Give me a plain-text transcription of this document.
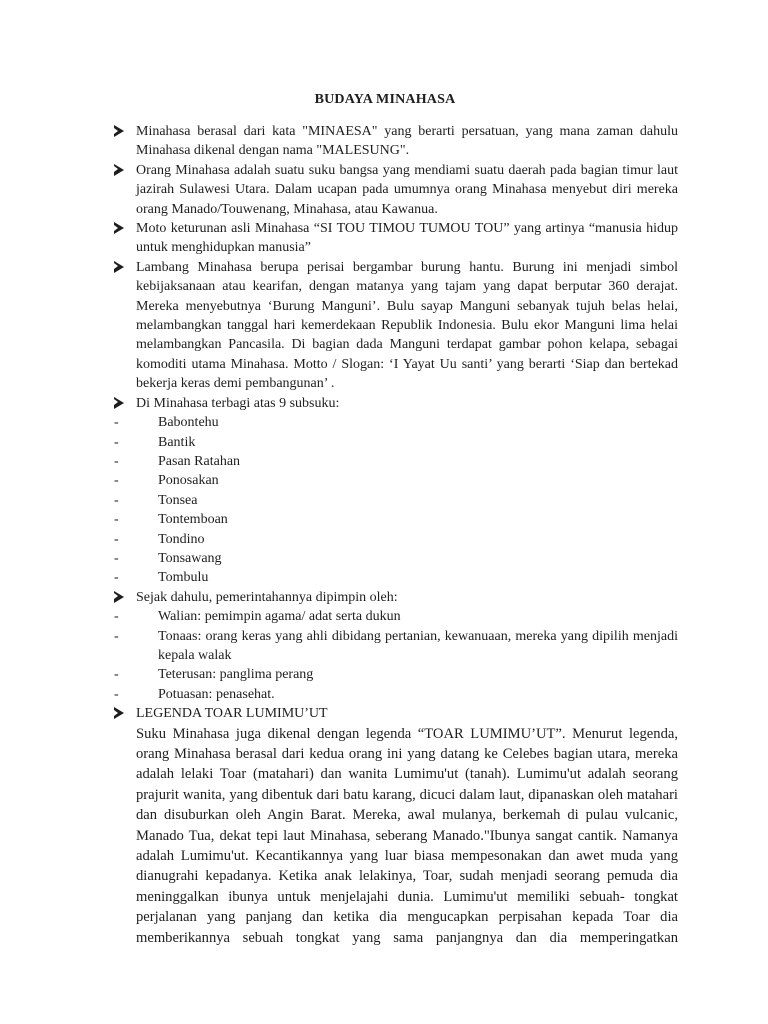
BUDAYA MINAHASA
Minahasa berasal dari kata "MINAESA" yang berarti persatuan, yang mana zaman dahulu Minahasa dikenal dengan nama "MALESUNG".
Orang Minahasa adalah suatu suku bangsa yang mendiami suatu daerah pada bagian timur laut jazirah Sulawesi Utara. Dalam ucapan pada umumnya orang Minahasa menyebut diri mereka orang Manado/Touwenang, Minahasa, atau Kawanua.
Moto keturunan asli Minahasa “SI TOU TIMOU TUMOU TOU” yang artinya “manusia hidup untuk menghidupkan manusia”
Lambang Minahasa berupa perisai bergambar burung hantu. Burung ini menjadi simbol kebijaksanaan atau kearifan, dengan matanya yang tajam yang dapat berputar 360 derajat. Mereka menyebutnya ‘Burung Manguni’. Bulu sayap Manguni sebanyak tujuh belas helai, melambangkan tanggal hari kemerdekaan Republik Indonesia. Bulu ekor Manguni lima helai melambangkan Pancasila. Di bagian dada Manguni terdapat gambar pohon kelapa, sebagai komoditi utama Minahasa. Motto / Slogan: ‘I Yayat Uu santi’ yang berarti ‘Siap dan bertekad bekerja keras demi pembangunan’ .
Di Minahasa terbagi atas 9 subsuku:
-	Babontehu
-	Bantik
-	Pasan Ratahan
-	Ponosakan
-	Tonsea
-	Tontemboan
-	Tondino
-	Tonsawang
-	Tombulu
Sejak dahulu, pemerintahannya dipimpin oleh:
-	Walian: pemimpin agama/ adat serta dukun
-	Tonaas: orang keras yang ahli dibidang pertanian, kewanuaan, mereka yang dipilih menjadi kepala walak
-	Teterusan: panglima perang
-	Potuasan: penasehat.
LEGENDA TOAR LUMIMU’UT
Suku Minahasa juga dikenal dengan legenda “TOAR LUMIMU’UT”. Menurut legenda, orang Minahasa berasal dari kedua orang ini yang datang ke Celebes bagian utara, mereka adalah lelaki Toar (matahari) dan wanita Lumimu'ut (tanah). Lumimu'ut adalah seorang prajurit wanita, yang dibentuk dari batu karang, dicuci dalam laut, dipanaskan oleh matahari dan disuburkan oleh Angin Barat. Mereka, awal mulanya, berkemah di pulau vulcanic, Manado Tua, dekat tepi laut Minahasa, seberang Manado."Ibunya sangat cantik. Namanya adalah Lumimu'ut. Kecantikannya yang luar biasa mempesonakan dan awet muda yang dianugrahi kepadanya. Ketika anak lelakinya, Toar, sudah menjadi seorang pemuda dia meninggalkan ibunya untuk menjelajahi dunia. Lumimu'ut memiliki sebuah- tongkat perjalanan yang panjang dan ketika dia mengucapkan perpisahan kepada Toar dia memberikannya sebuah tongkat yang sama panjangnya dan dia memperingatkan
